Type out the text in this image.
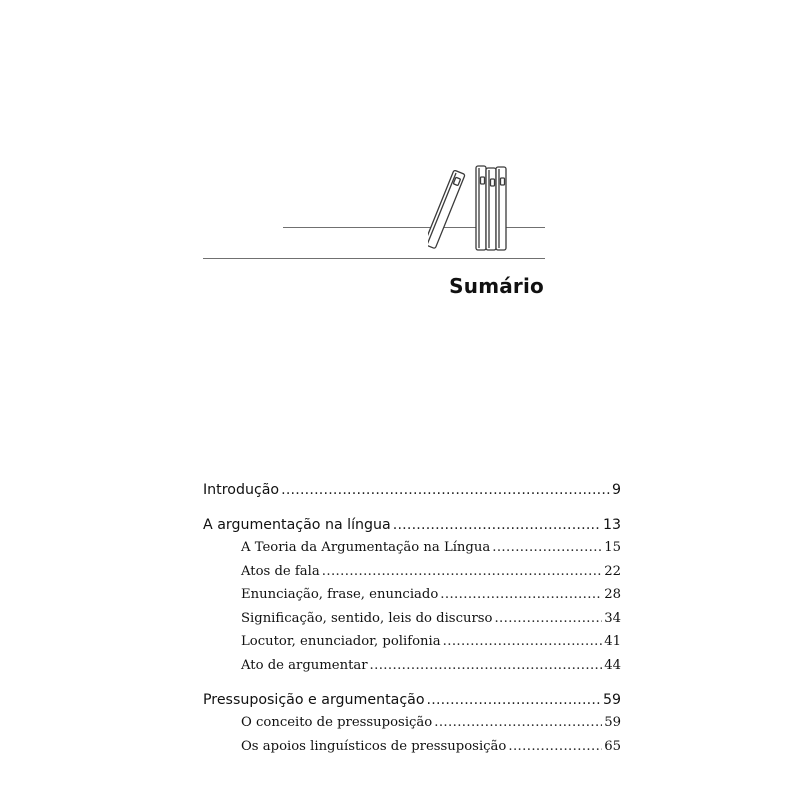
Sumário
Introdução .....	9
A argumentação na língua .....	13
A Teoria da Argumentação na Língua .....	15
Atos de fala .....	22
Enunciação, frase, enunciado .....	28
Significação, sentido, leis do discurso .....	34
Locutor, enunciador, polifonia .....	41
Ato de argumentar .....	44
Pressuposição e argumentação .....	59
O conceito de pressuposição .....	59
Os apoios linguísticos de pressuposição .....	65
